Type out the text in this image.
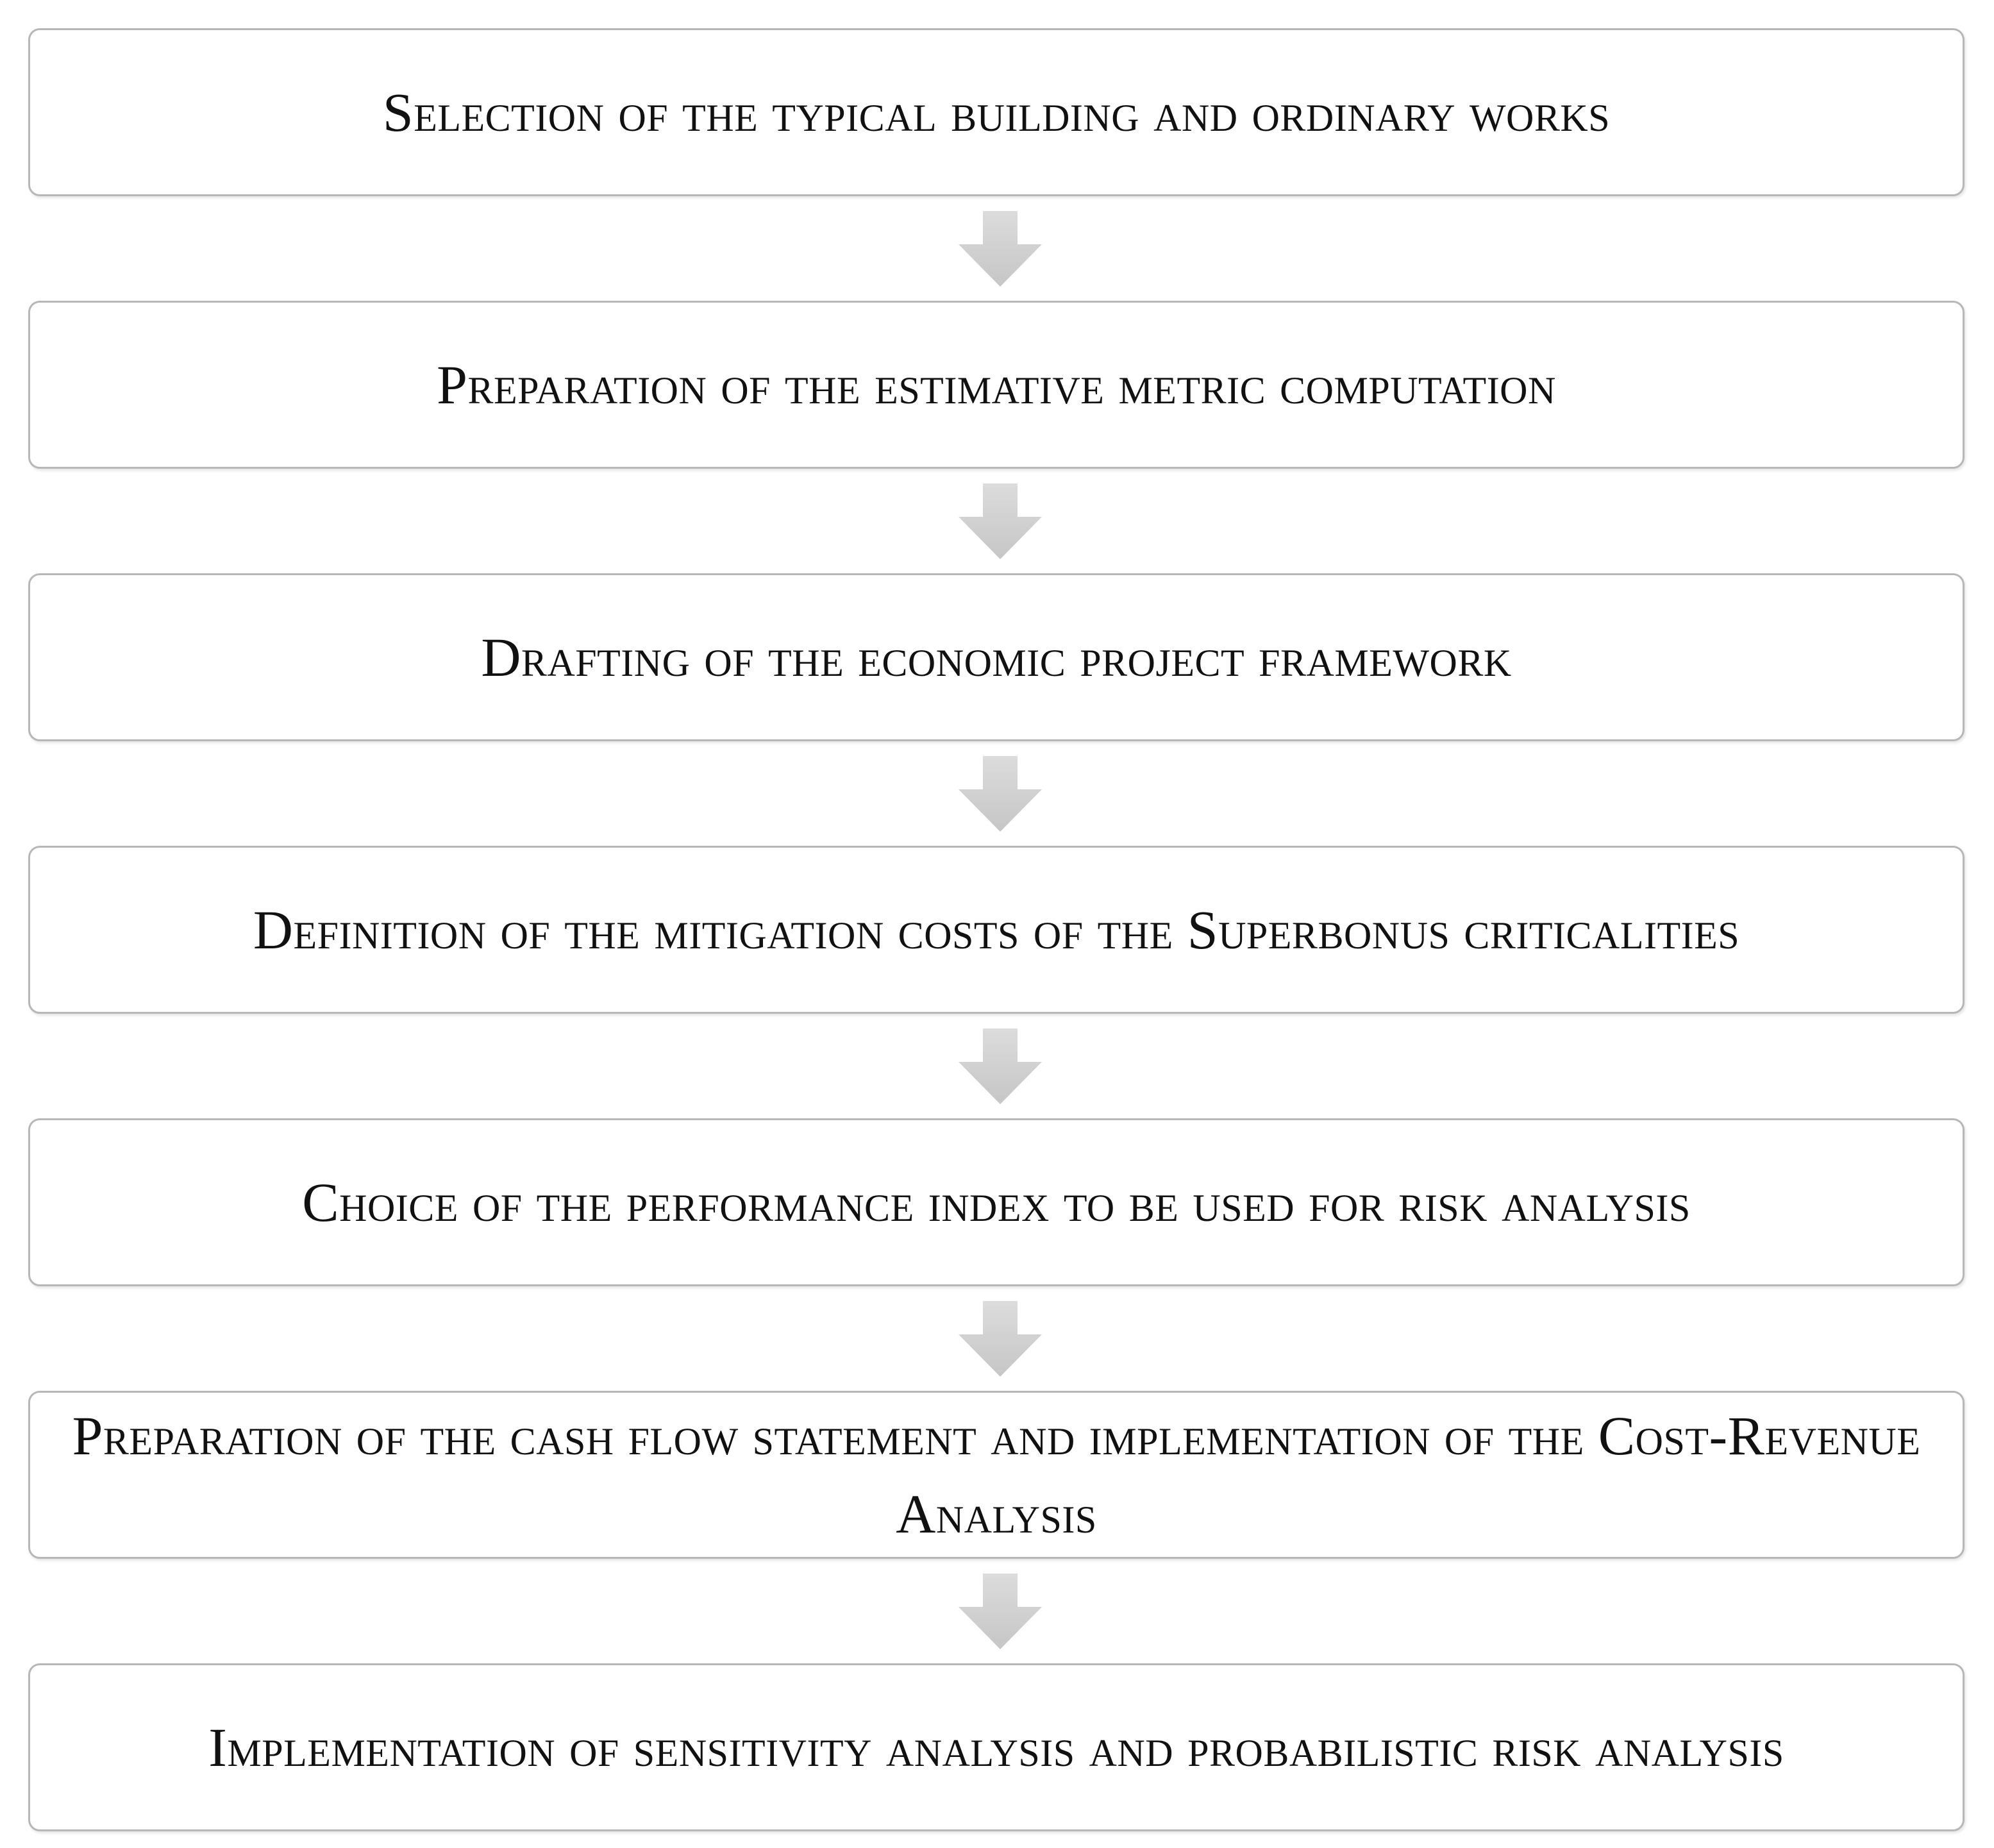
Selection of the typical building and ordinary works
Preparation of the estimative metric computation
Drafting of the economic project framework
Definition of the mitigation costs of the Superbonus criticalities
Choice of the performance index to be used for risk analysis
Preparation of the cash flow statement and implementation of the Cost-Revenue Analysis
Implementation of sensitivity analysis and probabilistic risk analysis
